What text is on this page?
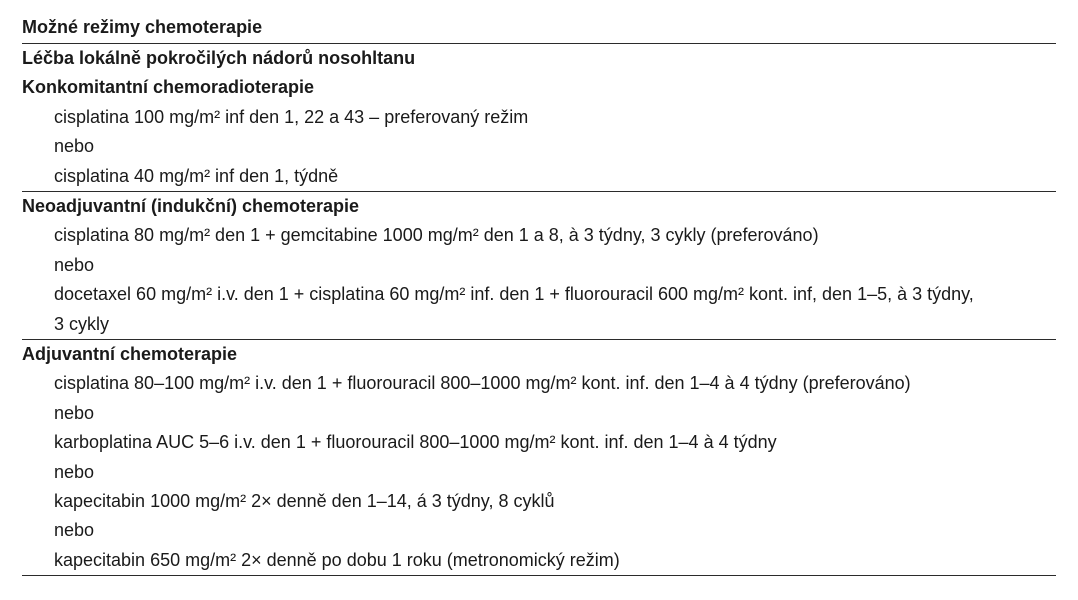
Možné režimy chemoterapie
Léčba lokálně pokročilých nádorů nosohltanu
Konkomitantní chemoradioterapie
cisplatina 100 mg/m² inf den 1, 22 a 43 – preferovaný režim
nebo
cisplatina 40 mg/m² inf den 1, týdně
Neoadjuvantní (indukční) chemoterapie
cisplatina 80 mg/m² den 1 + gemcitabine 1000 mg/m² den 1 a 8, à 3 týdny, 3 cykly (preferováno)
nebo
docetaxel 60 mg/m² i.v. den 1 + cisplatina 60 mg/m² inf. den 1 + fluorouracil 600 mg/m² kont. inf, den 1–5, à 3 týdny,
3 cykly
Adjuvantní chemoterapie
cisplatina 80–100 mg/m² i.v. den 1 + fluorouracil 800–1000 mg/m² kont. inf. den 1–4 à 4 týdny (preferováno)
nebo
karboplatina AUC 5–6 i.v. den 1 + fluorouracil 800–1000 mg/m² kont. inf. den 1–4 à 4 týdny
nebo
kapecitabin 1000 mg/m² 2× denně den 1–14, á 3 týdny, 8 cyklů
nebo
kapecitabin 650 mg/m² 2× denně po dobu 1 roku (metronomický režim)
